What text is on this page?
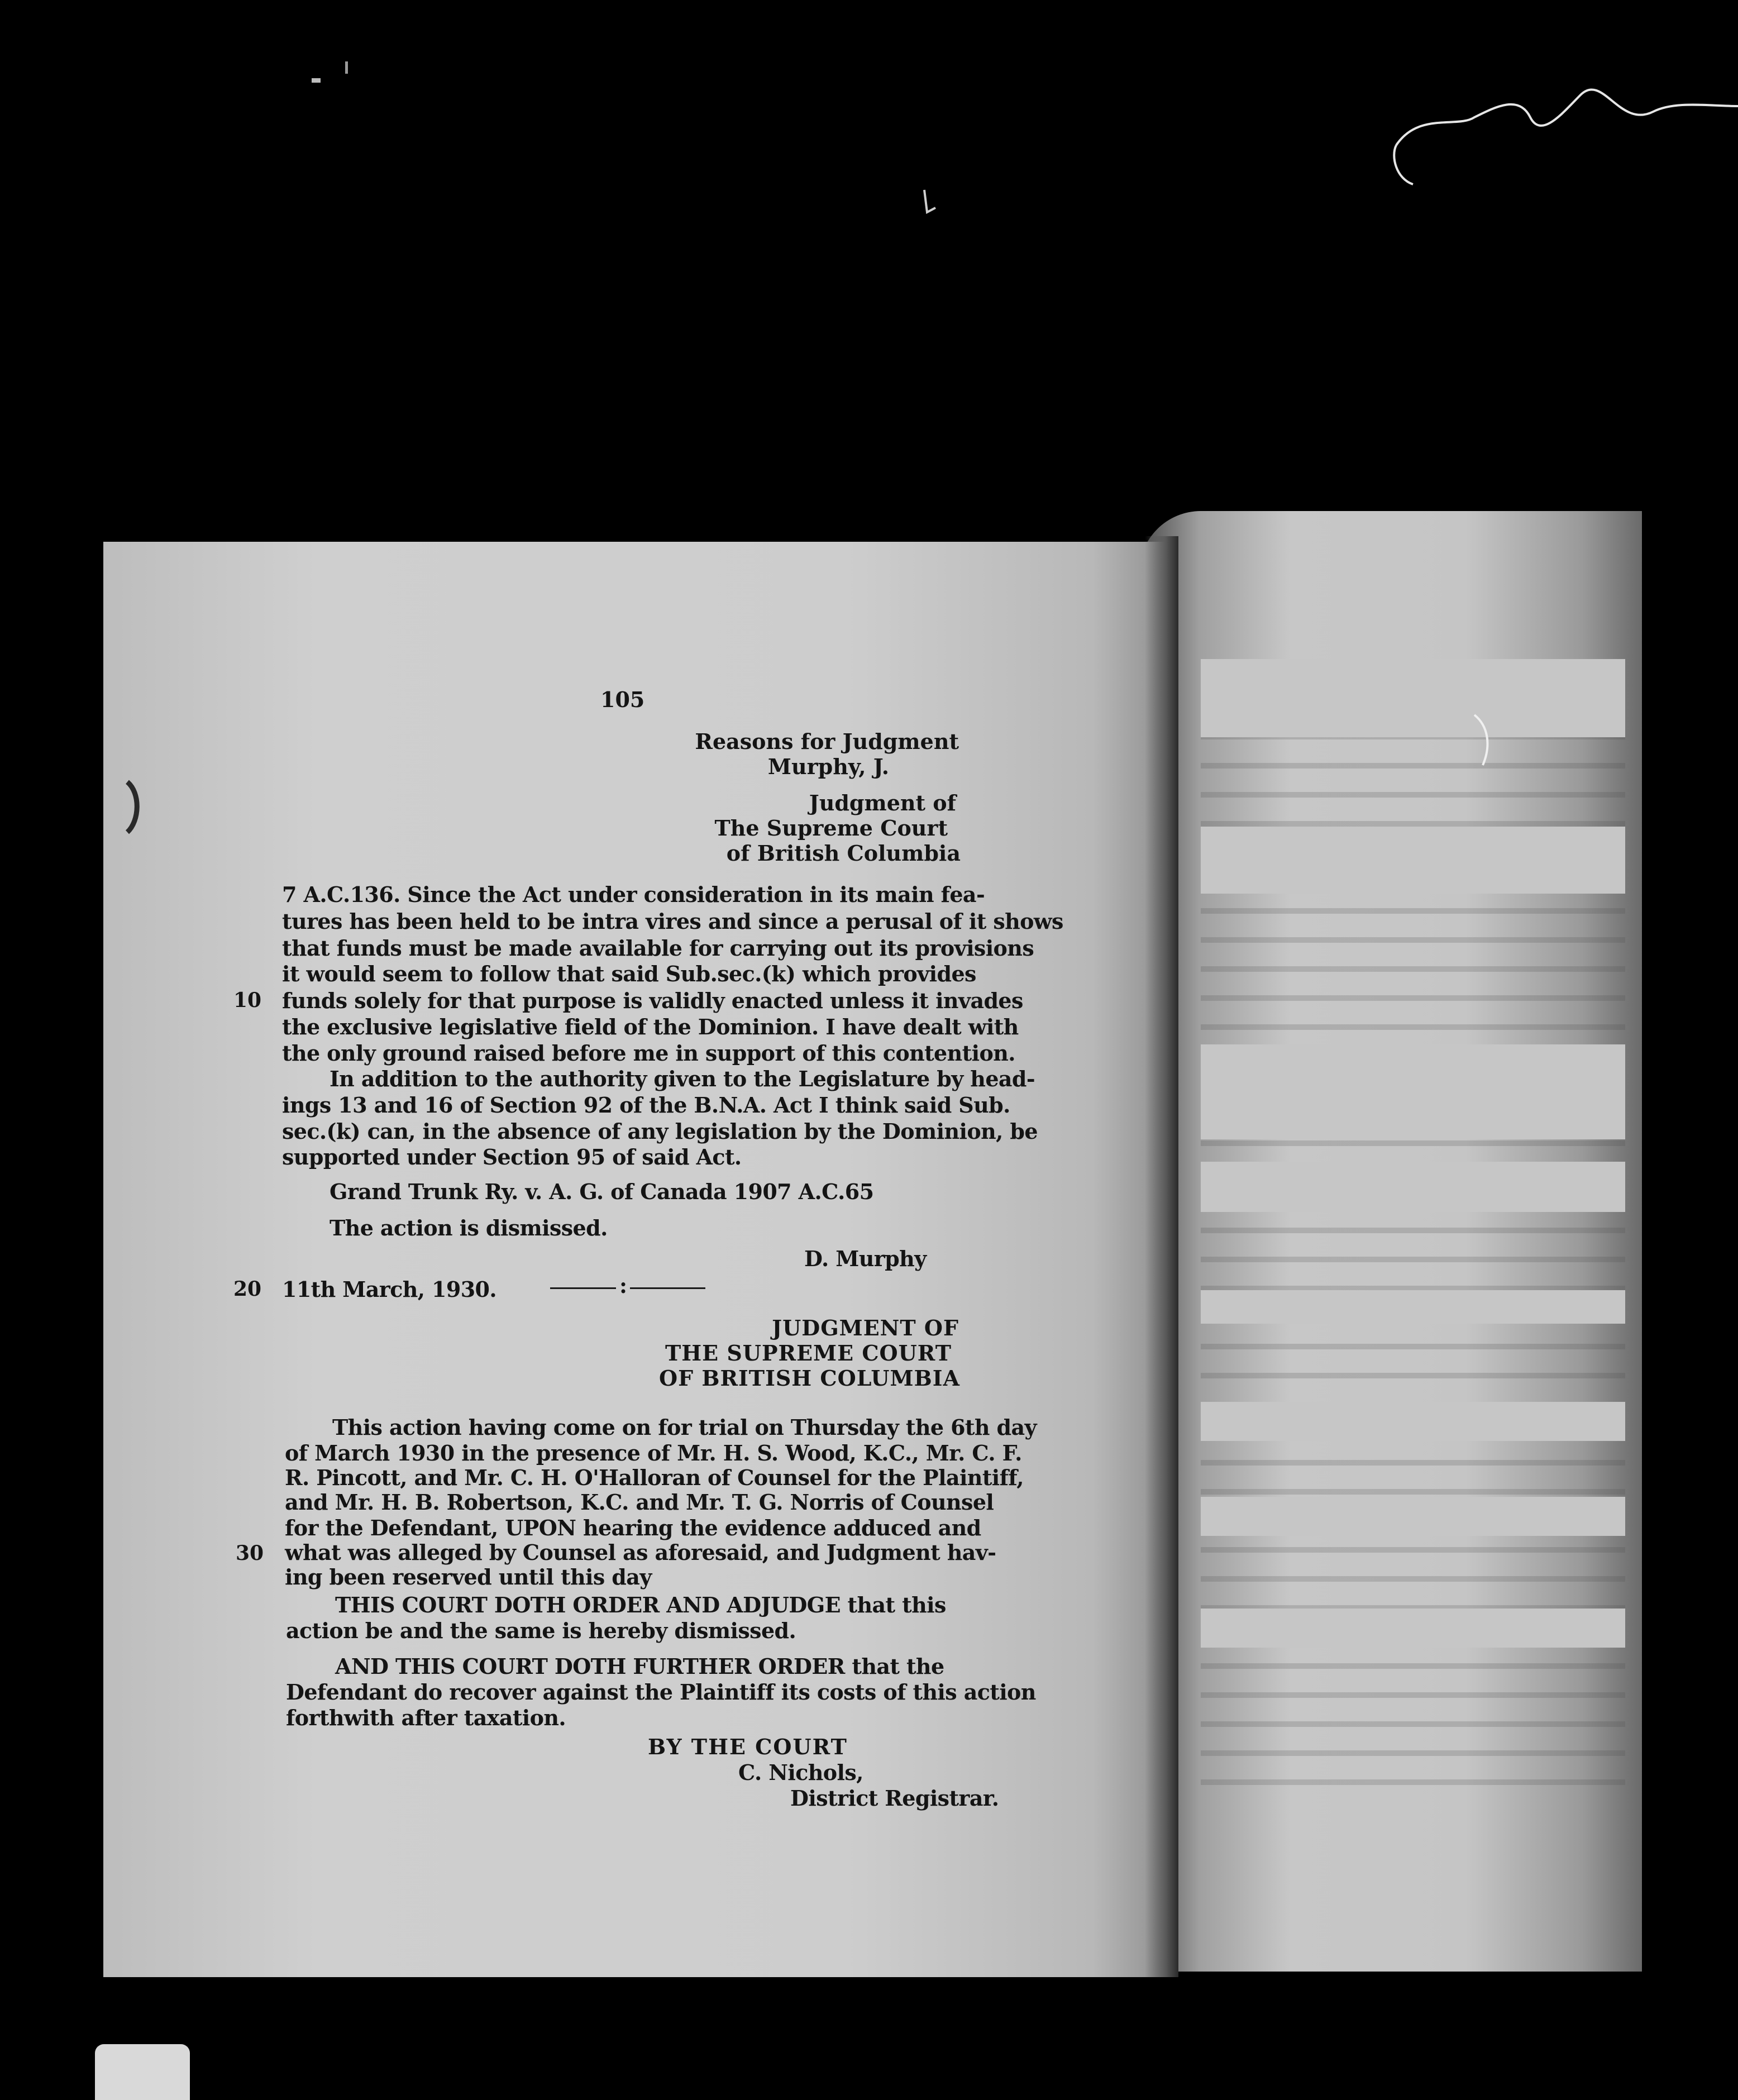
105
Reasons for Judgment
Murphy, J.
Judgment of
The Supreme Court
of British Columbia
7 A.C.136. Since the Act under consideration in its main fea-
tures has been held to be intra vires and since a perusal of it shows
that funds must be made available for carrying out its provisions
it would seem to follow that said Sub.sec.(k) which provides
funds solely for that purpose is validly enacted unless it invades
the exclusive legislative field of the Dominion. I have dealt with
the only ground raised before me in support of this contention.
In addition to the authority given to the Legislature by head-
ings 13 and 16 of Section 92 of the B.N.A. Act I think said Sub.
sec.(k) can, in the absence of any legislation by the Dominion, be
supported under Section 95 of said Act.
10
Grand Trunk Ry. v. A. G. of Canada 1907 A.C.65
The action is dismissed.
D. Murphy
20 11th March, 1930.	:
JUDGMENT OF
THE SUPREME COURT
OF BRITISH COLUMBIA
This action having come on for trial on Thursday the 6th day
of March 1930 in the presence of Mr. H. S. Wood, K.C., Mr. C. F.
R. Pincott, and Mr. C. H. O'Halloran of Counsel for the Plaintiff,
and Mr. H. B. Robertson, K.C. and Mr. T. G. Norris of Counsel
for the Defendant, UPON hearing the evidence adduced and
what was alleged by Counsel as aforesaid, and Judgment hav-
ing been reserved until this day
30
THIS COURT DOTH ORDER AND ADJUDGE that this
action be and the same is hereby dismissed.
AND THIS COURT DOTH FURTHER ORDER that the
Defendant do recover against the Plaintiff its costs of this action
forthwith after taxation.
BY THE COURT
C. Nichols,
District Registrar.
